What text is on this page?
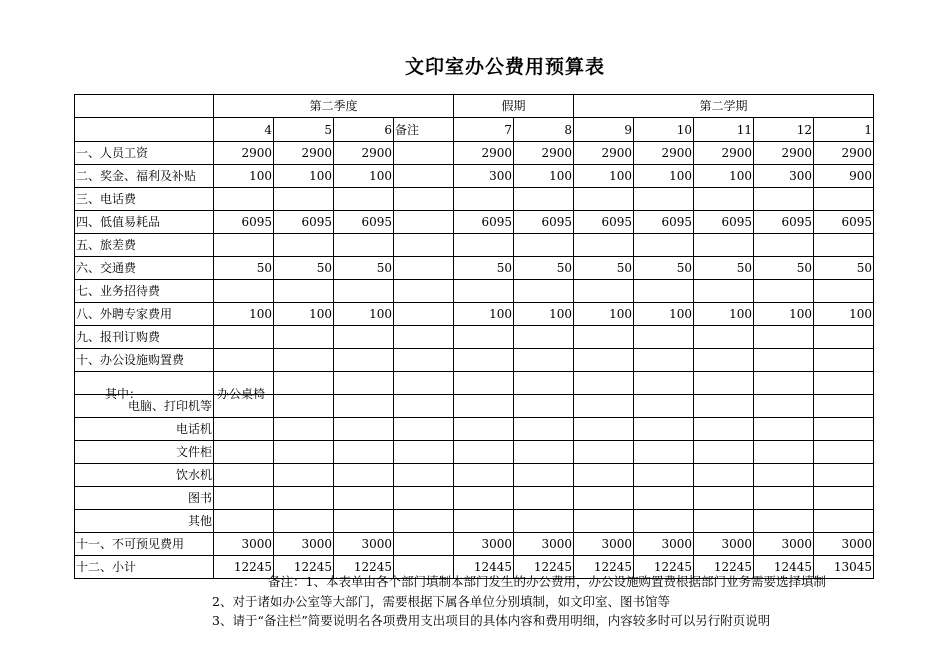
文印室办公费用预算表
	第二季度				假期		第二学期				
	4	5	6	备注	7	8	9	10	11	12	1
一、人员工资	2900	2900	2900		2900	2900	2900	2900	2900	2900	2900
二、奖金、福利及补贴	100	100	100		300	100	100	100	100	300	900
三、电话费											
四、低值易耗品	6095	6095	6095		6095	6095	6095	6095	6095	6095	6095
五、旅差费											
六、交通费	50	50	50		50	50	50	50	50	50	50
七、业务招待费											
八、外聘专家费用	100	100	100		100	100	100	100	100	100	100
九、报刊订购费											
十、办公设施购置费											

其中： 办公桌椅											

电脑、打印机等											
电话机											
文件柜											
饮水机											
图书											
其他											
十一、不可预见费用	3000	3000	3000		3000	3000	3000	3000	3000	3000	3000
十二、小计	12245	12245	12245		12445	12245	12245	12245	12245	12445	13045
备注：1、本表单由各个部门填制本部门发生的办公费用，办公设施购置费根据部门业务需要选择填制
2、对于诸如办公室等大部门，需要根据下属各单位分别填制，如文印室、图书馆等
3、请于“备注栏”简要说明名各项费用支出项目的具体内容和费用明细，内容较多时可以另行附页说明
